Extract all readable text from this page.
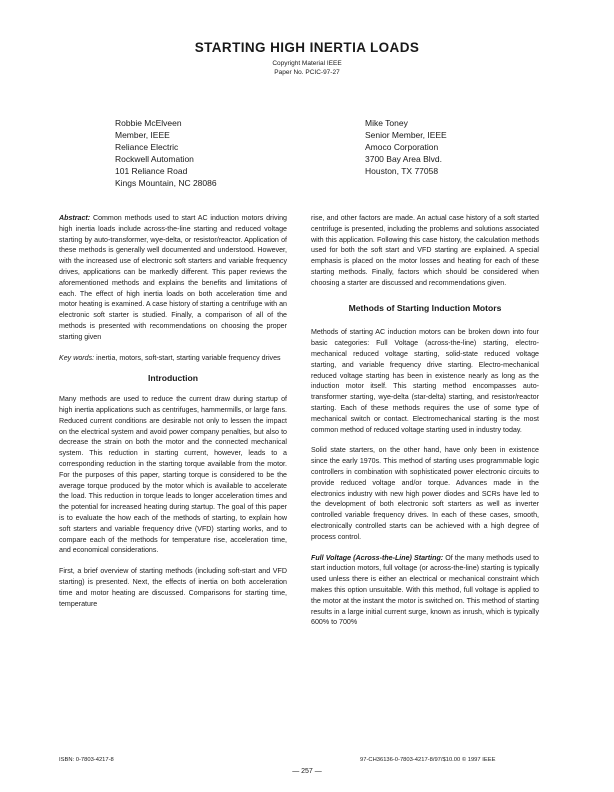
STARTING HIGH INERTIA LOADS
Copyright Material IEEE
Paper No. PCIC-97-27
Robbie McElveen
Member, IEEE
Reliance Electric
Rockwell Automation
101 Reliance Road
Kings Mountain, NC 28086
Mike Toney
Senior Member, IEEE
Amoco Corporation
3700 Bay Area Blvd.
Houston, TX 77058

Abstract: Common methods used to start AC induction motors driving high inertia loads include across-the-line starting and reduced voltage starting by auto-transformer, wye-delta, or resistor/reactor. Application of these methods is generally well documented and understood. However, with the increased use of electronic soft starters and variable frequency drives, applications can be markedly different. This paper reviews the aforementioned methods and explains the benefits and limitations of each. The effect of high inertia loads on both acceleration time and motor heating is examined. A case history of starting a centrifuge with an electronic soft starter is studied. Finally, a comparison of all of the methods is presented with recommendations on choosing the proper starting given

Key words: inertia, motors, soft-start, starting variable frequency drives

Introduction

Many methods are used to reduce the current draw during startup of high inertia applications such as centrifuges, hammermills, or large fans. Reduced current conditions are desirable not only to lessen the impact on the electrical system and avoid power company penalties, but also to decrease the strain on both the motor and the connected mechanical system. This reduction in starting current, however, leads to a corresponding reduction in the starting torque available from the motor. For the purposes of this paper, starting torque is considered to be the average torque produced by the motor which is available to accelerate the load. This reduction in torque leads to longer acceleration times and the potential for increased heating during startup. The goal of this paper is to evaluate the how each of the methods of starting, to explain how soft starters and variable frequency drive (VFD) starting works, and to compare each of the methods for temperature rise, acceleration time, and economical considerations.

First, a brief overview of starting methods (including soft-start and VFD starting) is presented. Next, the effects of inertia on both acceleration time and motor heating are discussed. Comparisons for starting time, temperature

rise, and other factors are made. An actual case history of a soft started centrifuge is presented, including the problems and solutions associated with this application. Following this case history, the calculation methods used for both the soft start and VFD starting are explained. A special emphasis is placed on the motor losses and heating for each of these starting methods. Finally, factors which should be considered when choosing a starter are discussed and recommendations given.

Methods of Starting Induction Motors

Methods of starting AC induction motors can be broken down into four basic categories: Full Voltage (across-the-line) starting, electro-mechanical reduced voltage starting, solid-state reduced voltage starting, and variable frequency drive starting. Electro-mechanical reduced voltage starting has been in existence nearly as long as the induction motor itself. This starting method encompasses auto-transformer starting, wye-delta (star-delta) starting, and resistor/reactor starting. Each of these methods requires the use of some type of mechanical switch or contact. Electromechanical starting is the most common method of reduced voltage starting used in industry today.

Solid state starters, on the other hand, have only been in existence since the early 1970s. This method of starting uses programmable logic controllers in combination with sophisticated power electronic circuits to provide reduced voltage and/or torque. Advances made in the electronics industry with new high power diodes and SCRs have led to the development of both electronic soft starters as well as inverter controlled variable frequency drives. In each of these cases, smooth, electronically controlled starts can be achieved with a high degree of process control.

Full Voltage (Across-the-Line) Starting: Of the many methods used to start induction motors, full voltage (or across-the-line) starting is typically used unless there is either an electrical or mechanical constraint which makes this option unsuitable. With this method, full voltage is applied to the motor at the instant the motor is switched on. This method of starting results in a large initial current surge, known as inrush, which is typically 600% to 700%

ISBN: 0-7803-4217-8	97-CH36136-0-7803-4217-8/97/$10.00 © 1997 IEEE
— 257 —
